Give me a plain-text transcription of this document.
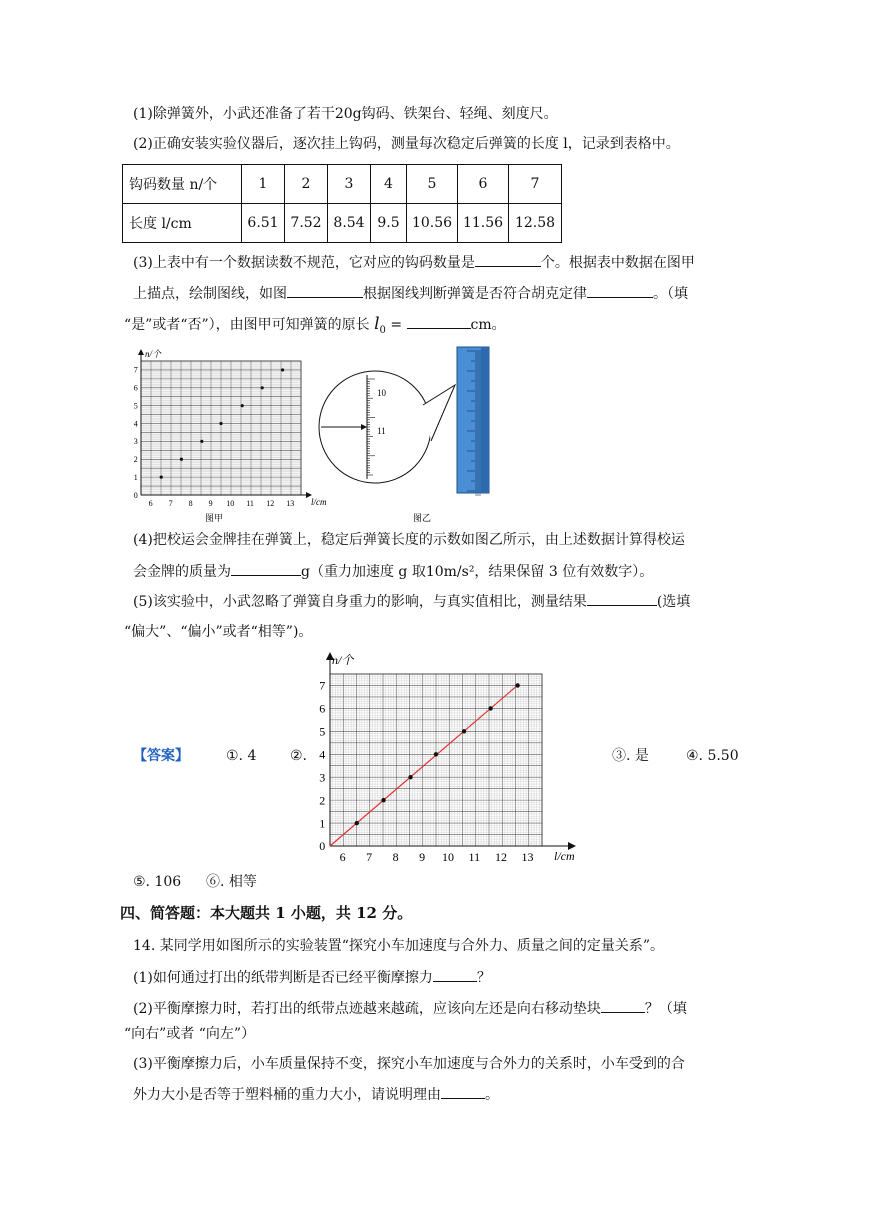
(1)除弹簧外，小武还准备了若干20g钩码、铁架台、轻绳、刻度尺。
(2)正确安装实验仪器后，逐次挂上钩码，测量每次稳定后弹簧的长度 l，记录到表格中。
钩码数量 n/个	1	2	3	4	5	6	7
长度 l/cm	6.51	7.52	8.54	9.5	10.56	11.56	12.58
(3)上表中有一个数据读数不规范，它对应的钩码数量是	个。根据表中数据在图甲
上描点，绘制图线，如图	根据图线判断弹簧是否符合胡克定律	。（填
“是”或者“否”），由图甲可知弹簧的原长 $l_0$ =	cm。
0
1
2
3
4
5
6
7
6 7 8 9 10 11 12 13
n/个
l/cm
图甲
10
11
图乙
(4)把校运会金牌挂在弹簧上，稳定后弹簧长度的示数如图乙所示，由上述数据计算得校运
会金牌的质量为	g（重力加速度 g 取10m/s²，结果保留 3 位有效数字）。
(5)该实验中，小武忽略了弹簧自身重力的影响，与真实值相比，测量结果	(选填
“偏大”、“偏小”或者“相等”)。
【答案】	①. 4 ②.	③. 是	④. 5.50
0
1
2
3
4
5
6
7
6 7 8 9 10 11 12 13
n/个
l/cm
⑤. 106 ⑥. 相等
四、简答题：本大题共 1 小题，共 12 分。
14. 某同学用如图所示的实验装置“探究小车加速度与合外力、质量之间的定量关系”。
(1)如何通过打出的纸带判断是否已经平衡摩擦力	？
(2)平衡摩擦力时，若打出的纸带点迹越来越疏，应该向左还是向右移动垫块	？（填
“向右”或者 “向左”）
(3)平衡摩擦力后，小车质量保持不变，探究小车加速度与合外力的关系时，小车受到的合
外力大小是否等于塑料桶的重力大小，请说明理由	。
